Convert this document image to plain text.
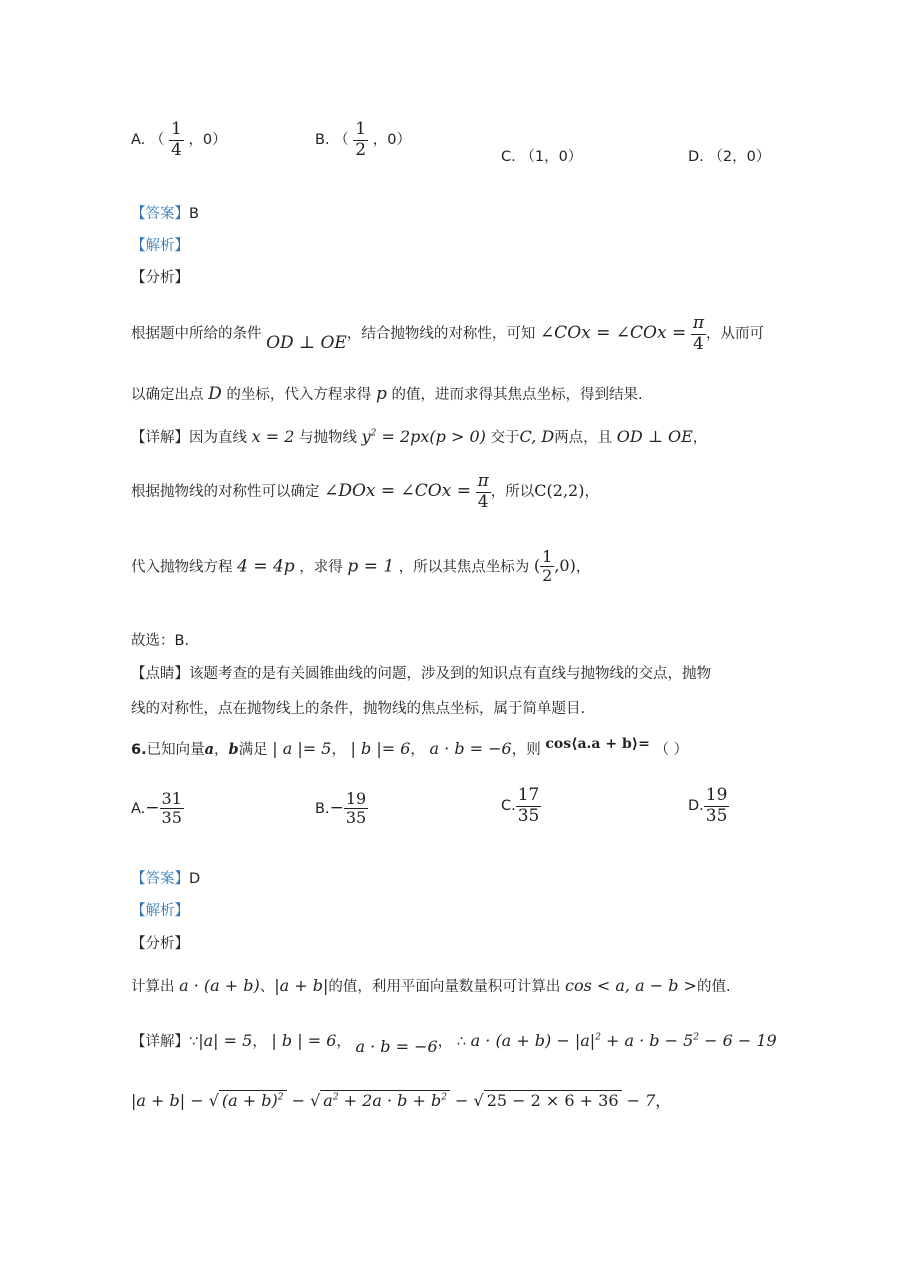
A. （ $\frac{1}{4}$ ，0）	B. （ $\frac{1}{2}$ ，0）
C. （1，0）	D. （2，0）
【答案】B
【解析】
【分析】
根据题中所给的条件 OD ⊥ OE，结合抛物线的对称性，可知 ∠COx = ∠COx = $\frac{\pi}{4}$ ，从而可
以确定出点 D 的坐标，代入方程求得 p 的值，进而求得其焦点坐标，得到结果.
【详解】因为直线 x = 2 与抛物线 $y^2 = 2px(p > 0)$ 交于C, D两点，且 OD ⊥ OE，
根据抛物线的对称性可以确定 ∠DOx = ∠COx = $\frac{\pi}{4}$ ，所以C(2,2)，
代入抛物线方程 4 = 4p ，求得 p = 1 ，所以其焦点坐标为 ( $\frac{1}{2} ,0$)，
故选：B.
【点睛】该题考查的是有关圆锥曲线的问题，涉及到的知识点有直线与抛物线的交点，抛物
线的对称性，点在抛物线上的条件，抛物线的焦点坐标，属于简单题目.
6.已知向量a，b满足 | a |= 5， | b |= 6， a · b = −6，则 cos⟨a.a + b⟩= （ ）
$A.- \frac{31}{35}$	$B.- \frac{19}{35}$	C. $\frac{17}{35}$	D. $\frac{19}{35}$
【答案】D
【解析】
【分析】
计算出 a · (a + b)、|a + b|的值，利用平面向量数量积可计算出 cos < a, a − b >的值.
【详解】∵|a| = 5， | b | = 6， a · b = −6， ∴ $a \cdot (a + b) - |a|^2 + a \cdot b - 5^2 - 6 - 19$
|a + b| − √ $(a + b)^2$ − √ $a^2 + 2a \cdot b + b^2$ − √ 25 − 2 × 6 + 36 − 7，
